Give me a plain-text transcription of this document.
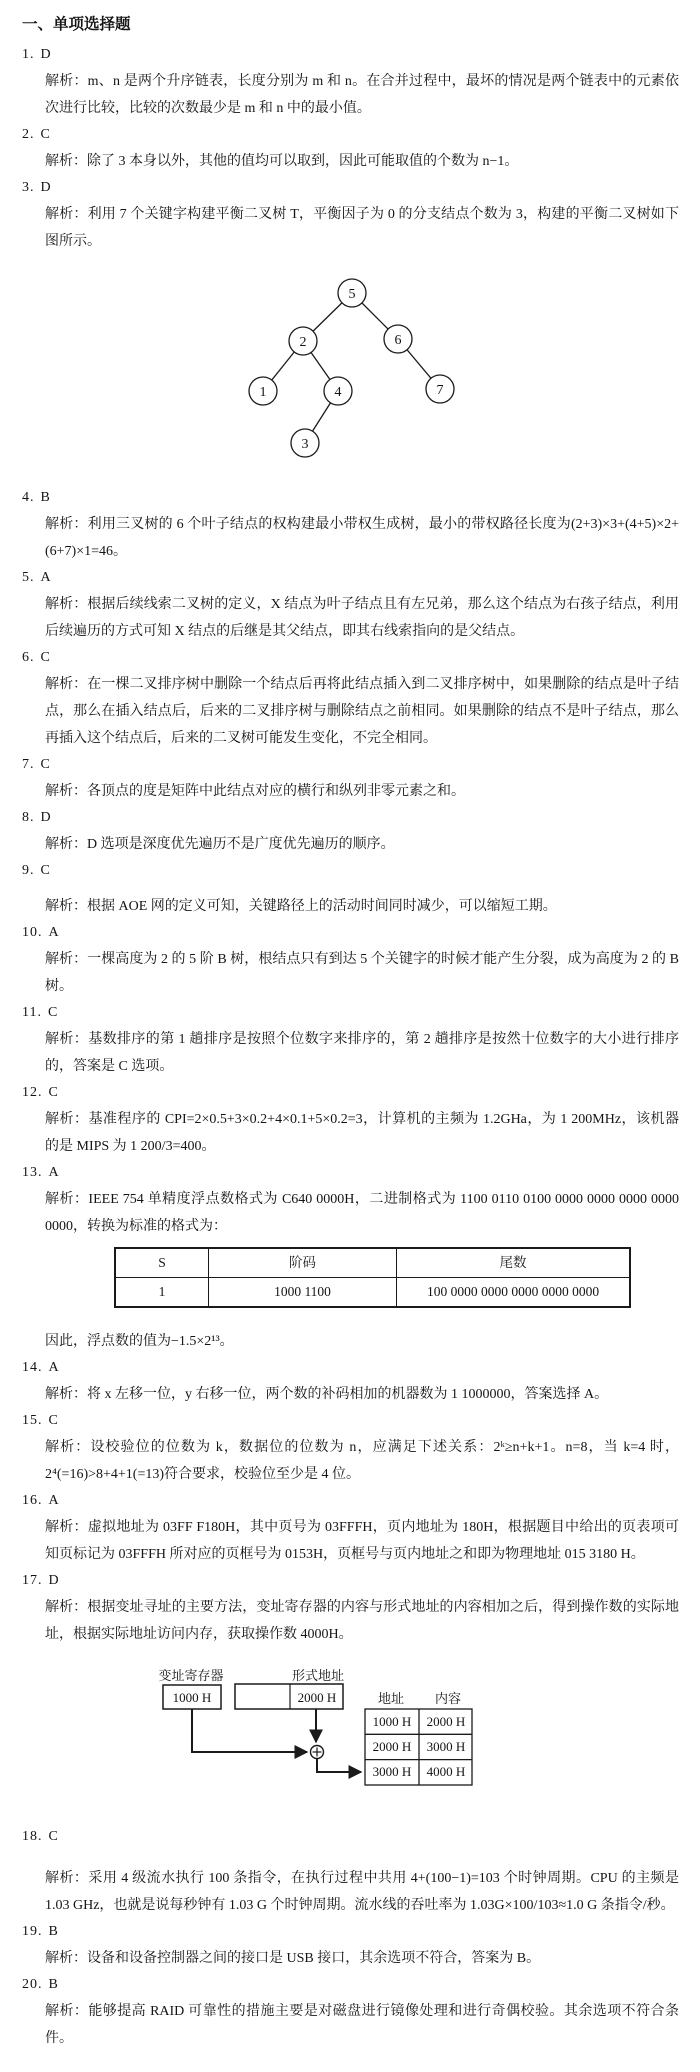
一、单项选择题
1. D

解析：m、n 是两个升序链表，长度分别为 m 和 n。在合并过程中，最坏的情况是两个链表中的元素依次进行比较，比较的次数最少是 m 和 n 中的最小值。

2. C

解析：除了 3 本身以外，其他的值均可以取到，因此可能取值的个数为 n−1。

3. D

解析：利用 7 个关键字构建平衡二叉树 T，平衡因子为 0 的分支结点个数为 3，构建的平衡二叉树如下图所示。

5
2	6
1	4	7
3
4. B

解析：利用三叉树的 6 个叶子结点的权构建最小带权生成树，最小的带权路径长度为(2+3)×3+(4+5)×2+(6+7)×1=46。

5. A

解析：根据后续线索二叉树的定义，X 结点为叶子结点且有左兄弟，那么这个结点为右孩子结点，利用后续遍历的方式可知 X 结点的后继是其父结点，即其右线索指向的是父结点。

6. C

解析：在一棵二叉排序树中删除一个结点后再将此结点插入到二叉排序树中，如果删除的结点是叶子结点，那么在插入结点后，后来的二叉排序树与删除结点之前相同。如果删除的结点不是叶子结点，那么再插入这个结点后，后来的二叉树可能发生变化，不完全相同。

7. C

解析：各顶点的度是矩阵中此结点对应的横行和纵列非零元素之和。

8. D

解析：D 选项是深度优先遍历不是广度优先遍历的顺序。

9. C

解析：根据 AOE 网的定义可知，关键路径上的活动时间同时减少，可以缩短工期。

10. A

解析：一棵高度为 2 的 5 阶 B 树，根结点只有到达 5 个关键字的时候才能产生分裂，成为高度为 2 的 B 树。

11. C

解析：基数排序的第 1 趟排序是按照个位数字来排序的，第 2 趟排序是按然十位数字的大小进行排序的，答案是 C 选项。

12. C

解析：基准程序的 CPI=2×0.5+3×0.2+4×0.1+5×0.2=3，计算机的主频为 1.2GHa，为 1 200MHz，该机器的是 MIPS 为 1 200/3=400。

13. A

解析：IEEE 754 单精度浮点数格式为 C640 0000H，二进制格式为 1100 0110 0100 0000 0000 0000 0000 0000，转换为标准的格式为：

S	阶码	尾数
1	1000 1100	100 0000 0000 0000 0000 0000

因此，浮点数的值为−1.5×2¹³。

14. A

解析：将 x 左移一位，y 右移一位，两个数的补码相加的机器数为 1 1000000，答案选择 A。

15. C

解析：设校验位的位数为 k，数据位的位数为 n，应满足下述关系：2ᵏ≥n+k+1。n=8，当 k=4 时，2⁴(=16)>8+4+1(=13)符合要求，校验位至少是 4 位。

16. A

解析：虚拟地址为 03FF F180H，其中页号为 03FFFH，页内地址为 180H，根据题目中给出的页表项可知页标记为 03FFFH 所对应的页框号为 0153H，页框号与页内地址之和即为物理地址 015 3180 H。

17. D

解析：根据变址寻址的主要方法，变址寄存器的内容与形式地址的内容相加之后，得到操作数的实际地址，根据实际地址访问内存，获取操作数 4000H。

变址寄存器	形式地址
1000 H	2000 H	地址 内容
1000 H 2000 H
2000 H 3000 H
3000 H 4000 H
18. C

解析：采用 4 级流水执行 100 条指令，在执行过程中共用 4+(100−1)=103 个时钟周期。CPU 的主频是 1.03 GHz，也就是说每秒钟有 1.03 G 个时钟周期。流水线的吞吐率为 1.03G×100/103≈1.0 G 条指令/秒。

19. B

解析：设备和设备控制器之间的接口是 USB 接口，其余选项不符合，答案为 B。

20. B

解析：能够提高 RAID 可靠性的措施主要是对磁盘进行镜像处理和进行奇偶校验。其余选项不符合条件。
